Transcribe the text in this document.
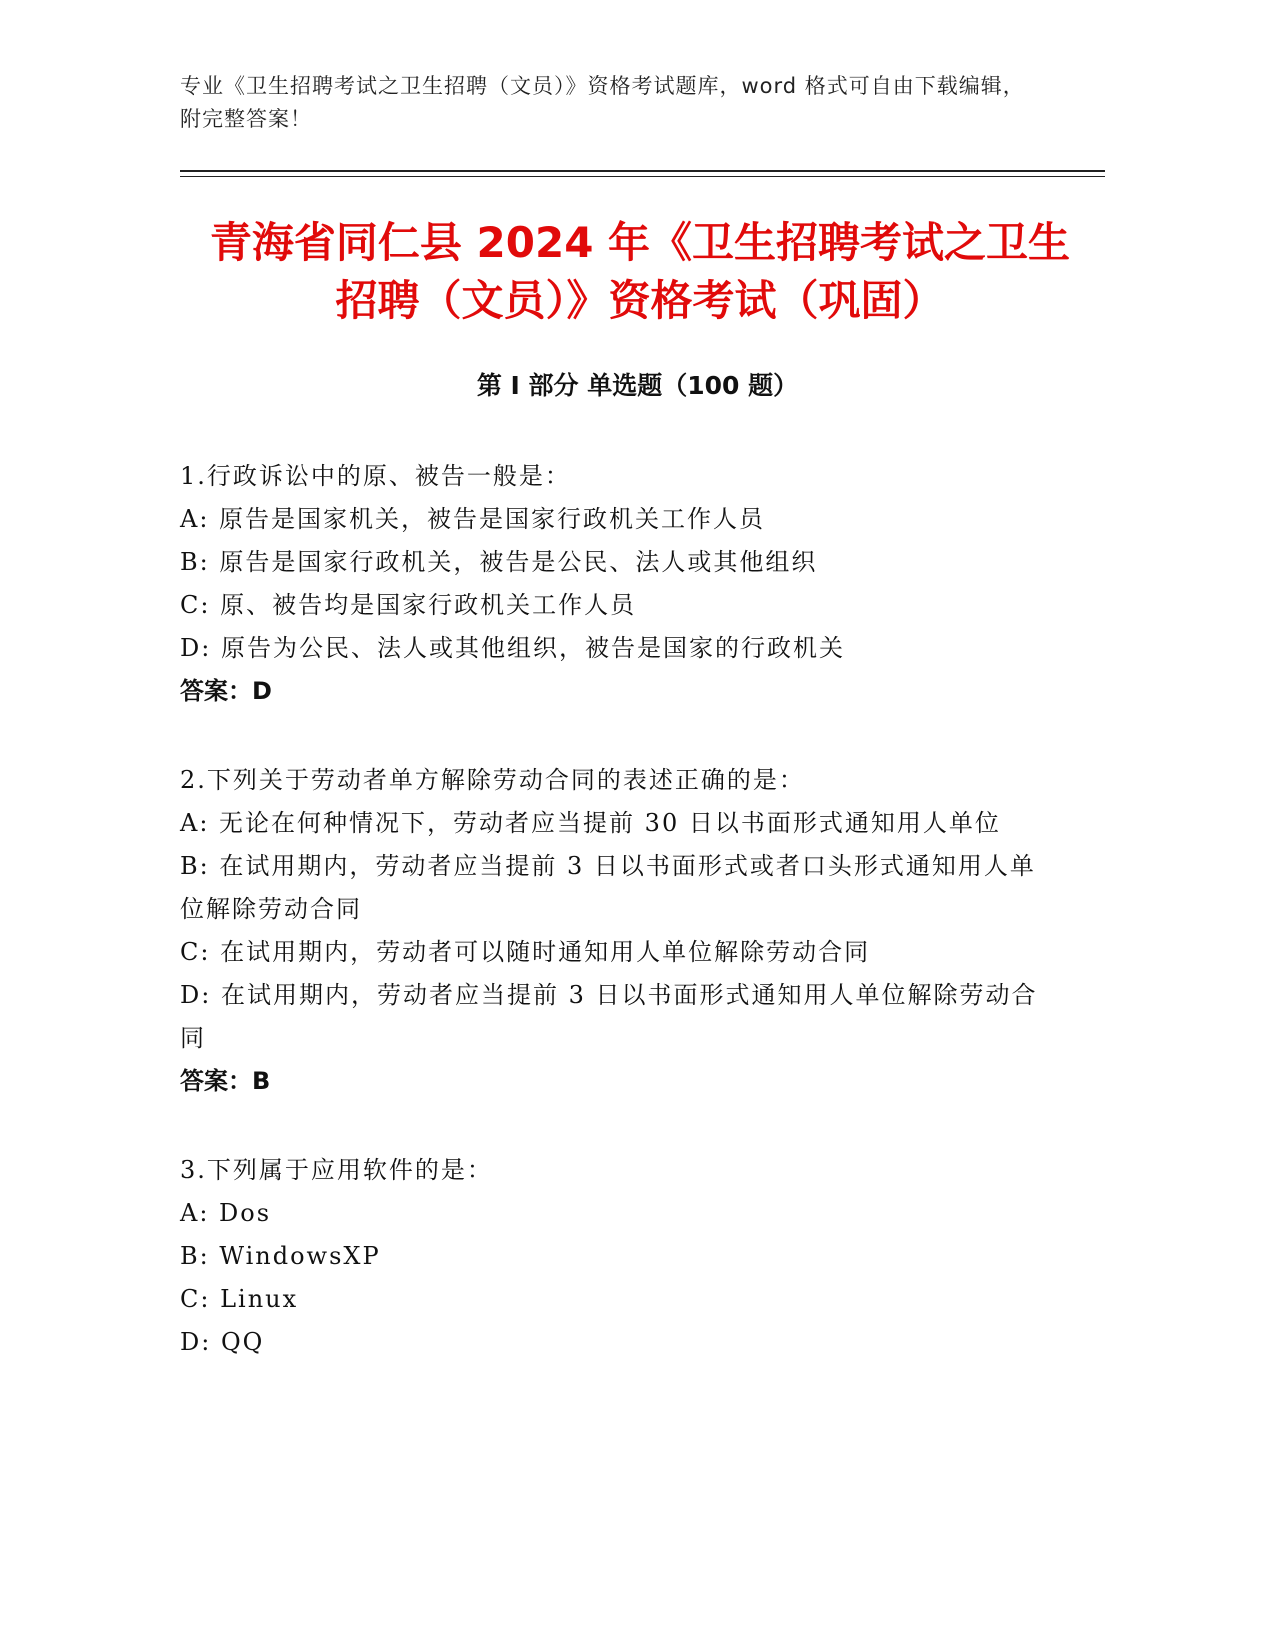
专业《卫生招聘考试之卫生招聘（文员）》资格考试题库，word 格式可自由下载编辑，附完整答案！
青海省同仁县 2024 年《卫生招聘考试之卫生
招聘（文员）》资格考试（巩固）
第 I 部分 单选题（100 题）

1.行政诉讼中的原、被告一般是：

A: 原告是国家机关，被告是国家行政机关工作人员

B: 原告是国家行政机关，被告是公民、法人或其他组织

C: 原、被告均是国家行政机关工作人员

D: 原告为公民、法人或其他组织，被告是国家的行政机关

答案：D

2.下列关于劳动者单方解除劳动合同的表述正确的是：

A: 无论在何种情况下，劳动者应当提前 30 日以书面形式通知用人单位

B: 在试用期内，劳动者应当提前 3 日以书面形式或者口头形式通知用人单位解除劳动合同

C: 在试用期内，劳动者可以随时通知用人单位解除劳动合同

D: 在试用期内，劳动者应当提前 3 日以书面形式通知用人单位解除劳动合同

答案：B

3.下列属于应用软件的是：

A: Dos

B: WindowsXP

C: Linux

D: QQ
